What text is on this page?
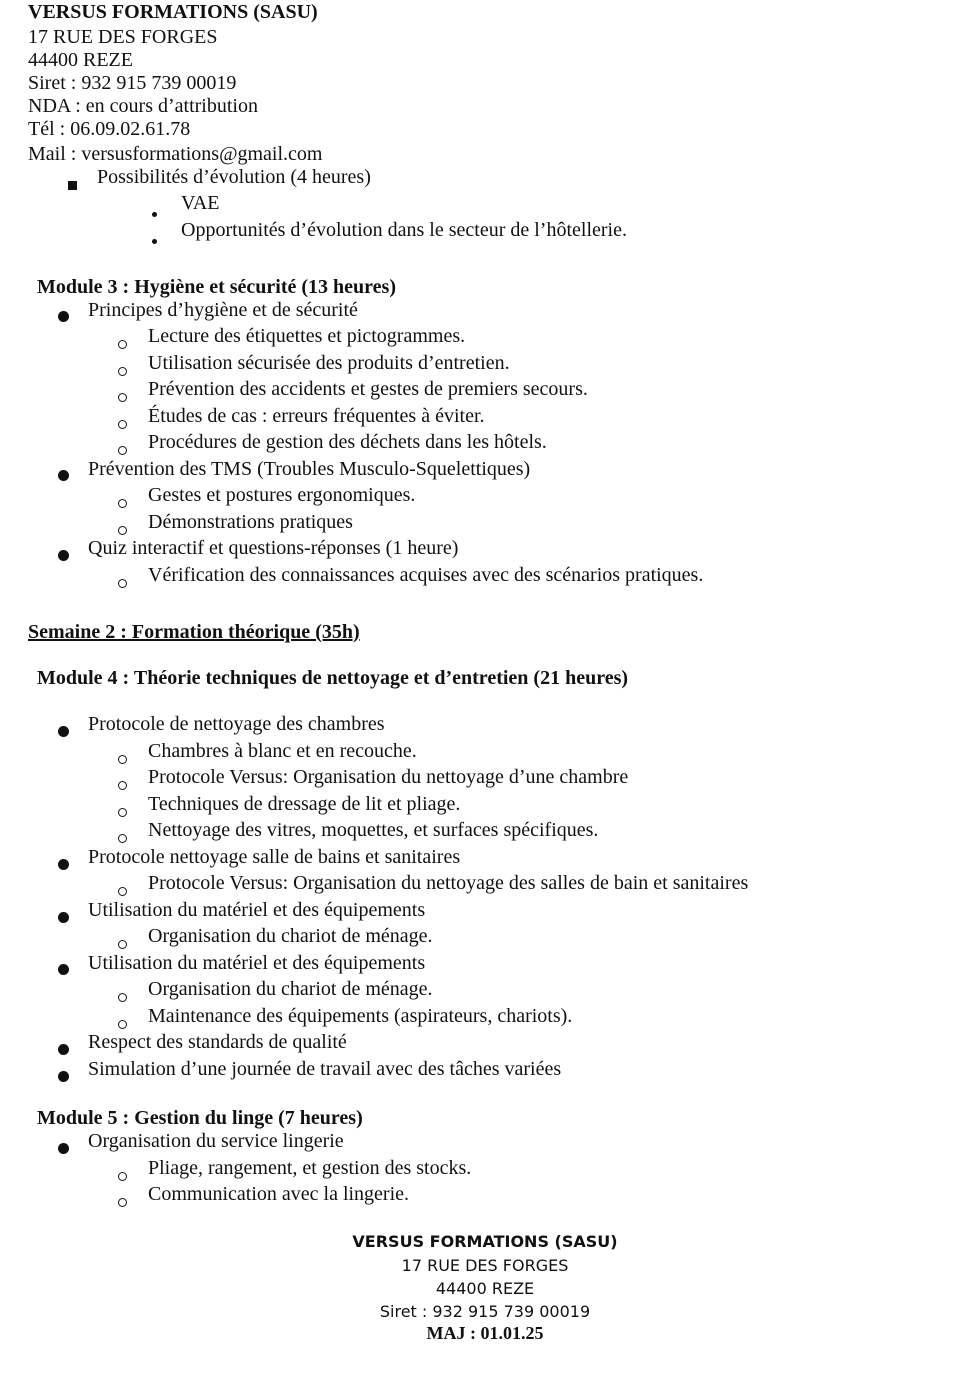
VERSUS FORMATIONS (SASU)
17 RUE DES FORGES
44400 REZE
Siret : 932 915 739 00019
NDA : en cours d’attribution
Tél : 06.09.02.61.78
Mail : versusformations@gmail.com
Possibilités d’évolution (4 heures)
VAE
Opportunités d’évolution dans le secteur de l’hôtellerie.
Module 3 : Hygiène et sécurité (13 heures)
Principes d’hygiène et de sécurité
Lecture des étiquettes et pictogrammes.
Utilisation sécurisée des produits d’entretien.
Prévention des accidents et gestes de premiers secours.
Études de cas : erreurs fréquentes à éviter.
Procédures de gestion des déchets dans les hôtels.
Prévention des TMS (Troubles Musculo-Squelettiques)
Gestes et postures ergonomiques.
Démonstrations pratiques
Quiz interactif et questions-réponses (1 heure)
Vérification des connaissances acquises avec des scénarios pratiques.
Semaine 2 : Formation théorique (35h)
Module 4 : Théorie techniques de nettoyage et d’entretien (21 heures)
Protocole de nettoyage des chambres
Chambres à blanc et en recouche.
Protocole Versus: Organisation du nettoyage d’une chambre
Techniques de dressage de lit et pliage.
Nettoyage des vitres, moquettes, et surfaces spécifiques.
Protocole nettoyage salle de bains et sanitaires
Protocole Versus: Organisation du nettoyage des salles de bain et sanitaires
Utilisation du matériel et des équipements
Organisation du chariot de ménage.
Utilisation du matériel et des équipements
Organisation du chariot de ménage.
Maintenance des équipements (aspirateurs, chariots).
Respect des standards de qualité
Simulation d’une journée de travail avec des tâches variées
Module 5 : Gestion du linge (7 heures)
Organisation du service lingerie
Pliage, rangement, et gestion des stocks.
Communication avec la lingerie.
VERSUS FORMATIONS (SASU)
17 RUE DES FORGES
44400 REZE
Siret : 932 915 739 00019
MAJ : 01.01.25
